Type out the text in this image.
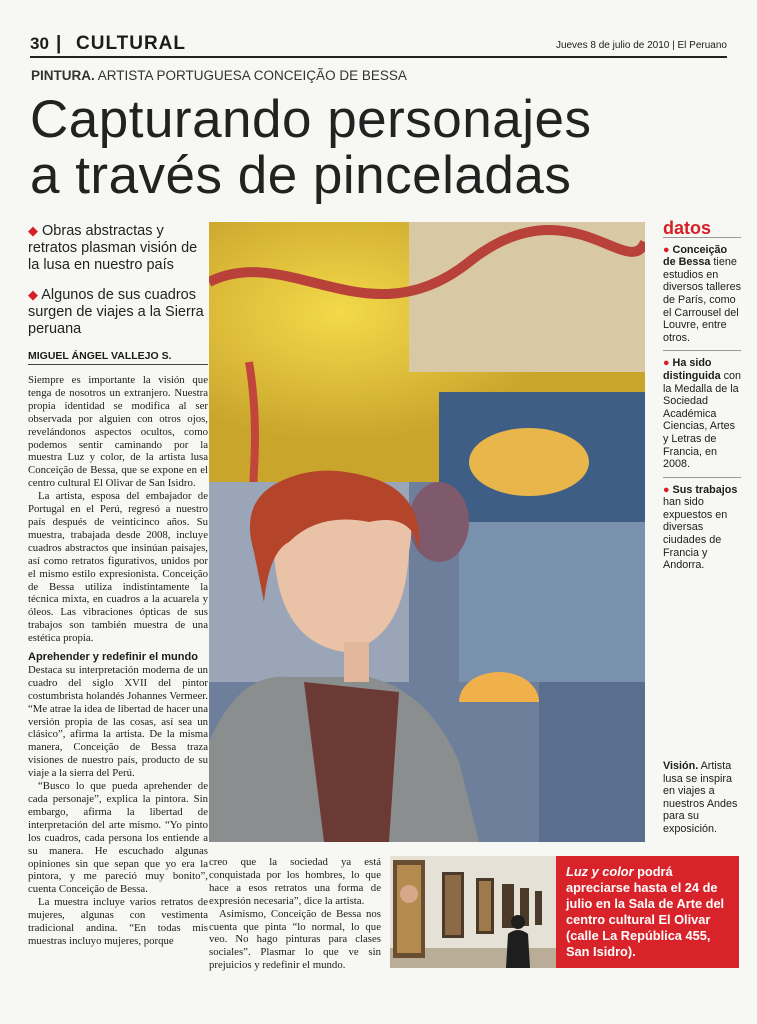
30 | CULTURAL	Jueves 8 de julio de 2010 | El Peruano
PINTURA. ARTISTA PORTUGUESA CONCEIÇÃO DE BESSA
Capturando personajes
a través de pinceladas
◆ Obras abstractas y retratos plasman visión de la lusa en nuestro país
◆ Algunos de sus cuadros surgen de viajes a la Sierra peruana
MIGUEL ÁNGEL VALLEJO S.

Siempre es importante la visión que tenga de nosotros un extranjero. Nuestra propia identidad se modifica al ser observada por alguien con otros ojos, revelándonos aspectos ocultos, como podemos sentir caminando por la muestra Luz y color, de la artista lusa Conceição de Bessa, que se expone en el centro cultural El Olivar de San Isidro.

La artista, esposa del embajador de Portugal en el Perú, regresó a nuestro país después de veinticinco años. Su muestra, trabajada desde 2008, incluye cuadros abstractos que insinúan paisajes, así como retratos figurativos, unidos por el mismo estilo expresionista. Conceição de Bessa utiliza indistintamente la técnica mixta, en cuadros a la acuarela y óleos. Las vibraciones ópticas de sus trabajos son también muestra de una estética propia.

Aprehender y redefinir el mundo

Destaca su interpretación moderna de un cuadro del siglo XVII del pintor costumbrista holandés Johannes Vermeer. “Me atrae la idea de libertad de hacer una versión propia de las cosas, así sea un clásico”, afirma la artista. De la misma manera, Conceição de Bessa traza visiones de nuestro país, producto de su viaje a la sierra del Perú.

“Busco lo que pueda aprehender de cada personaje”, explica la pintora. Sin embargo, afirma la libertad de interpretación del arte mismo. “Yo pinto los cuadros, cada persona los entiende a su manera. He escuchado algunas opiniones sin que sepan que yo era la pintora, y me pareció muy bonito”, cuenta Conceição de Bessa.

La muestra incluye varios retratos de mujeres, algunas con vestimenta tradicional andina. “En todas mis muestras incluyo mujeres, porque

creo que la sociedad ya está conquistada por los hombres, lo que hace a esos retratos una forma de expresión necesaria”, dice la artista.

Asimismo, Conceição de Bessa nos cuenta que pinta “lo normal, lo que veo. No hago pinturas para clases sociales”. Plasmar lo que ve sin prejuicios y redefinir el mundo.

datos
● Conceição de Bessa tiene estudios en diversos talleres de París, como el Carrousel del Louvre, entre otros.
● Ha sido distinguida con la Medalla de la Sociedad Académica Ciencias, Artes y Letras de Francia, en 2008.
● Sus trabajos han sido expuestos en diversas ciudades de Francia y Andorra.
Visión. Artista lusa se inspira en viajes a nuestros Andes para su exposición.
Luz y color podrá apreciarse hasta el 24 de julio en la Sala de Arte del centro cultural El Olivar (calle La República 455, San Isidro).
